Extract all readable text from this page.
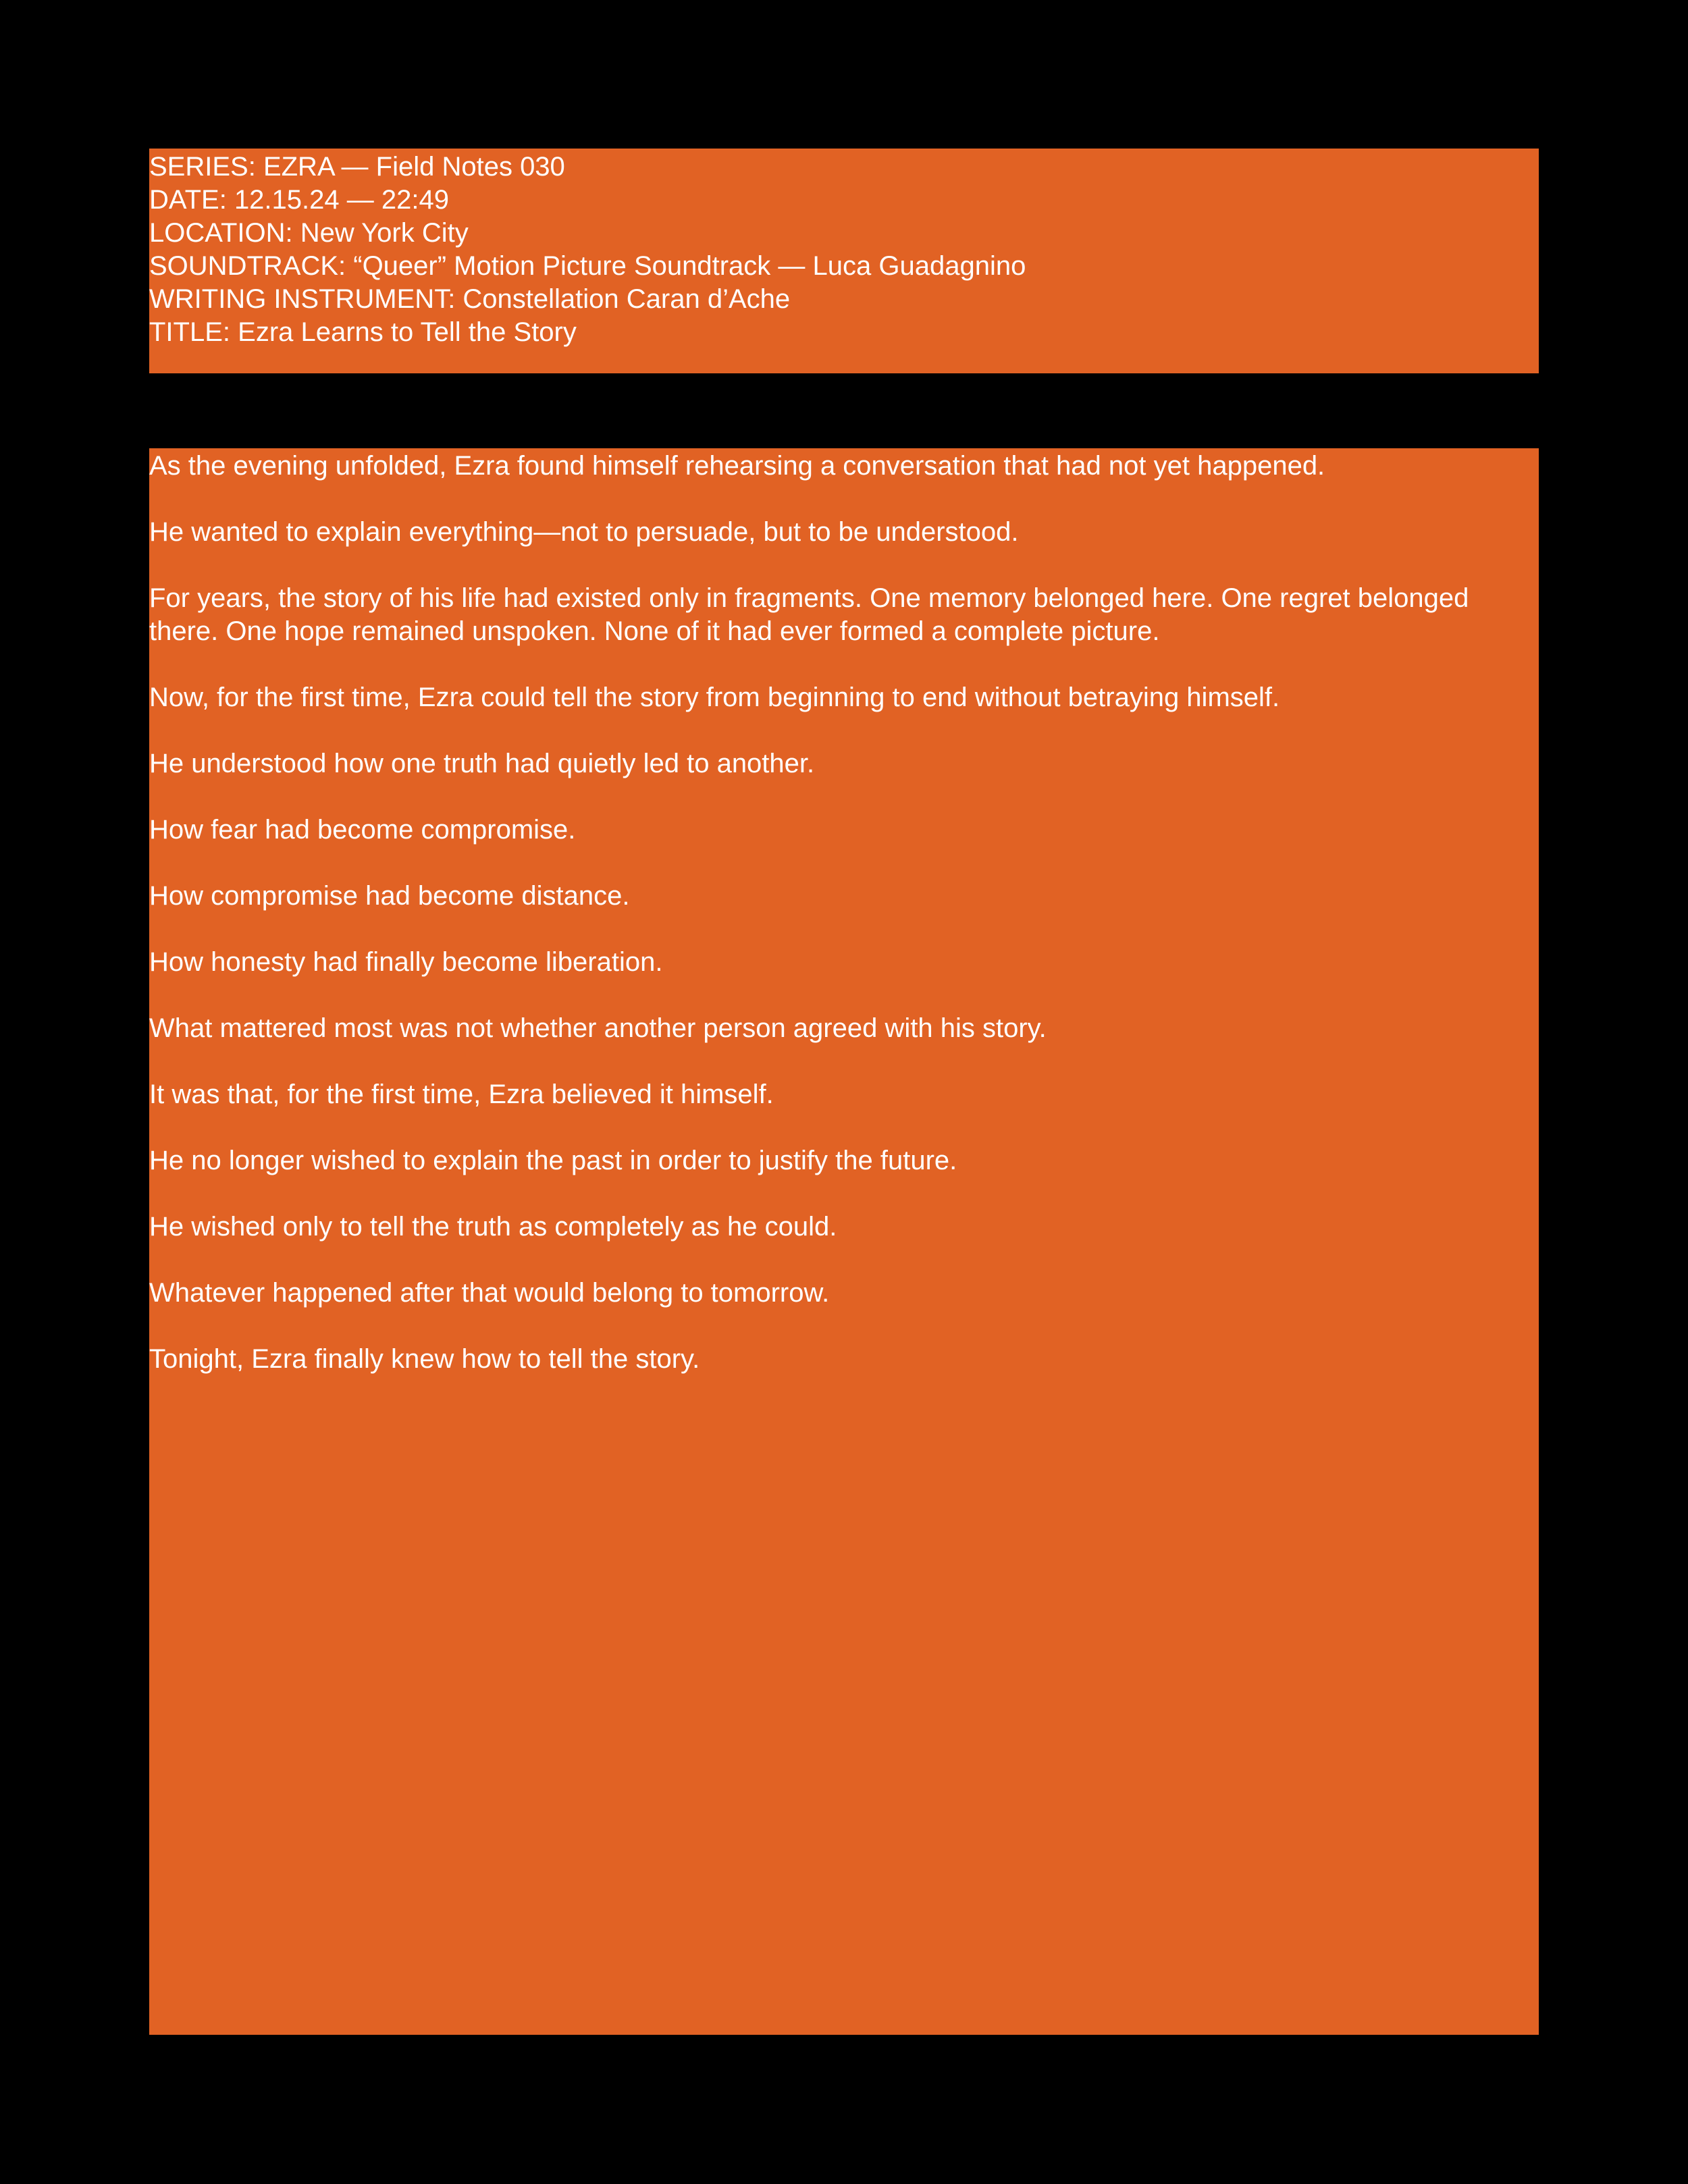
SERIES: EZRA — Field Notes 030

DATE: 12.15.24 — 22:49

LOCATION: New York City

SOUNDTRACK: “Queer” Motion Picture Soundtrack — Luca Guadagnino

WRITING INSTRUMENT: Constellation Caran d’Ache

TITLE: Ezra Learns to Tell the Story

As the evening unfolded, Ezra found himself rehearsing a conversation that had not yet happened.

He wanted to explain everything—not to persuade, but to be understood.

For years, the story of his life had existed only in fragments. One memory belonged here. One regret belonged there. One hope remained unspoken. None of it had ever formed a complete picture.

Now, for the first time, Ezra could tell the story from beginning to end without betraying himself.

He understood how one truth had quietly led to another.

How fear had become compromise.

How compromise had become distance.

How honesty had finally become liberation.

What mattered most was not whether another person agreed with his story.

It was that, for the first time, Ezra believed it himself.

He no longer wished to explain the past in order to justify the future.

He wished only to tell the truth as completely as he could.

Whatever happened after that would belong to tomorrow.

Tonight, Ezra finally knew how to tell the story.
